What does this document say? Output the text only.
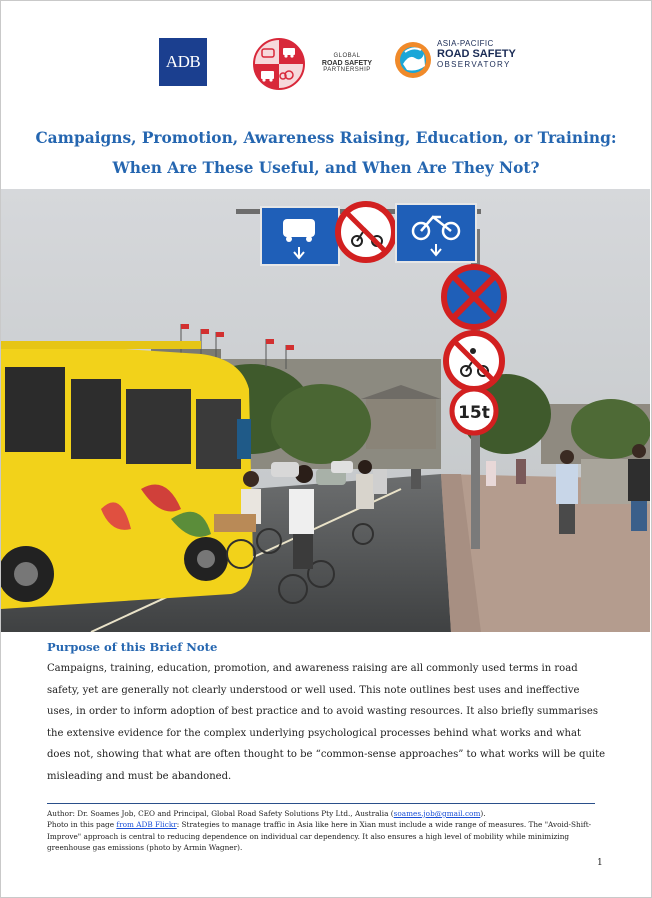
ADB	GLOBAL
ROAD SAFETY
PARTNERSHIP
ASIA-PACIFIC
ROAD SAFETY
OBSERVATORY
Campaigns, Promotion, Awareness Raising, Education, or Training:
When Are These Useful, and When Are They Not?
15t
Purpose of this Brief Note
Campaigns, training, education, promotion, and awareness raising are all commonly used terms in road safety, yet are generally not clearly understood or well used. This note outlines best uses and ineffective uses, in order to inform adoption of best practice and to avoid wasting resources. It also briefly summarises the extensive evidence for the complex underlying psychological processes behind what works and what does not, showing that what are often thought to be “common-sense approaches” to what works will be quite misleading and must be abandoned.
Author: Dr. Soames Job, CEO and Principal, Global Road Safety Solutions Pty Ltd., Australia (soames.job@gmail.com).
Photo in this page from ADB Flickr: Strategies to manage traffic in Asia like here in Xian must include a wide range of measures. The "Avoid-Shift-Improve" approach is central to reducing dependence on individual car dependency. It also ensures a high level of mobility while minimizing greenhouse gas emissions (photo by Armin Wagner).
1
